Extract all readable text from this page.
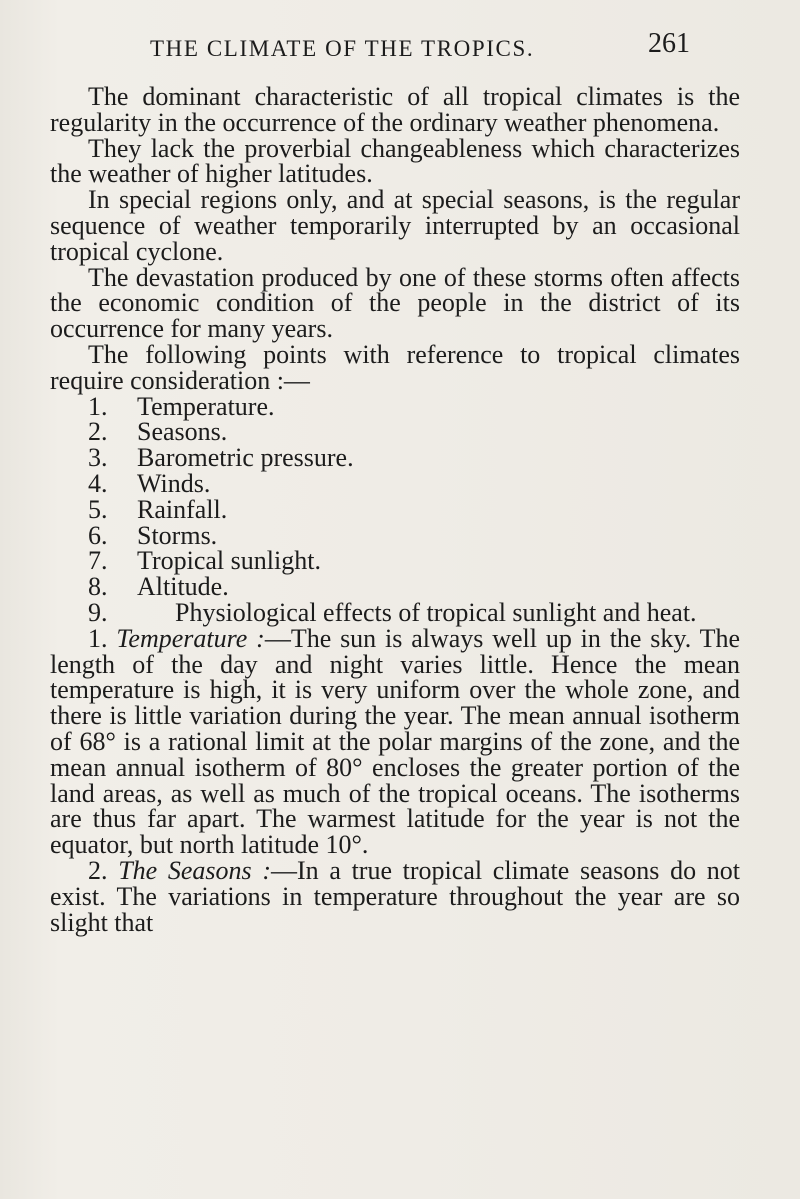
THE CLIMATE OF THE TROPICS.	261

The dominant characteristic of all tropical climates is the regularity in the occurrence of the ordinary weather phenomena.

They lack the proverbial changeableness which characterizes the weather of higher latitudes.

In special regions only, and at special seasons, is the regular sequence of weather temporarily interrupted by an occasional tropical cyclone.

The devastation produced by one of these storms often affects the economic condition of the people in the district of its occurrence for many years.

The following points with reference to tropical climates require consideration :—

1.	Temperature.
2.	Seasons.
3.	Barometric pressure.
4.	Winds.
5.	Rainfall.
6.	Storms.
7.	Tropical sunlight.
8.	Altitude.
9.	Physiological effects of tropical sunlight and heat.

1. Temperature :—The sun is always well up in the sky. The length of the day and night varies little. Hence the mean temperature is high, it is very uniform over the whole zone, and there is little variation during the year. The mean annual isotherm of 68° is a rational limit at the polar margins of the zone, and the mean annual isotherm of 80° encloses the greater portion of the land areas, as well as much of the tropical oceans. The isotherms are thus far apart. The warmest latitude for the year is not the equator, but north latitude 10°.

2. The Seasons :—In a true tropical climate seasons do not exist. The variations in temperature throughout the year are so slight that
